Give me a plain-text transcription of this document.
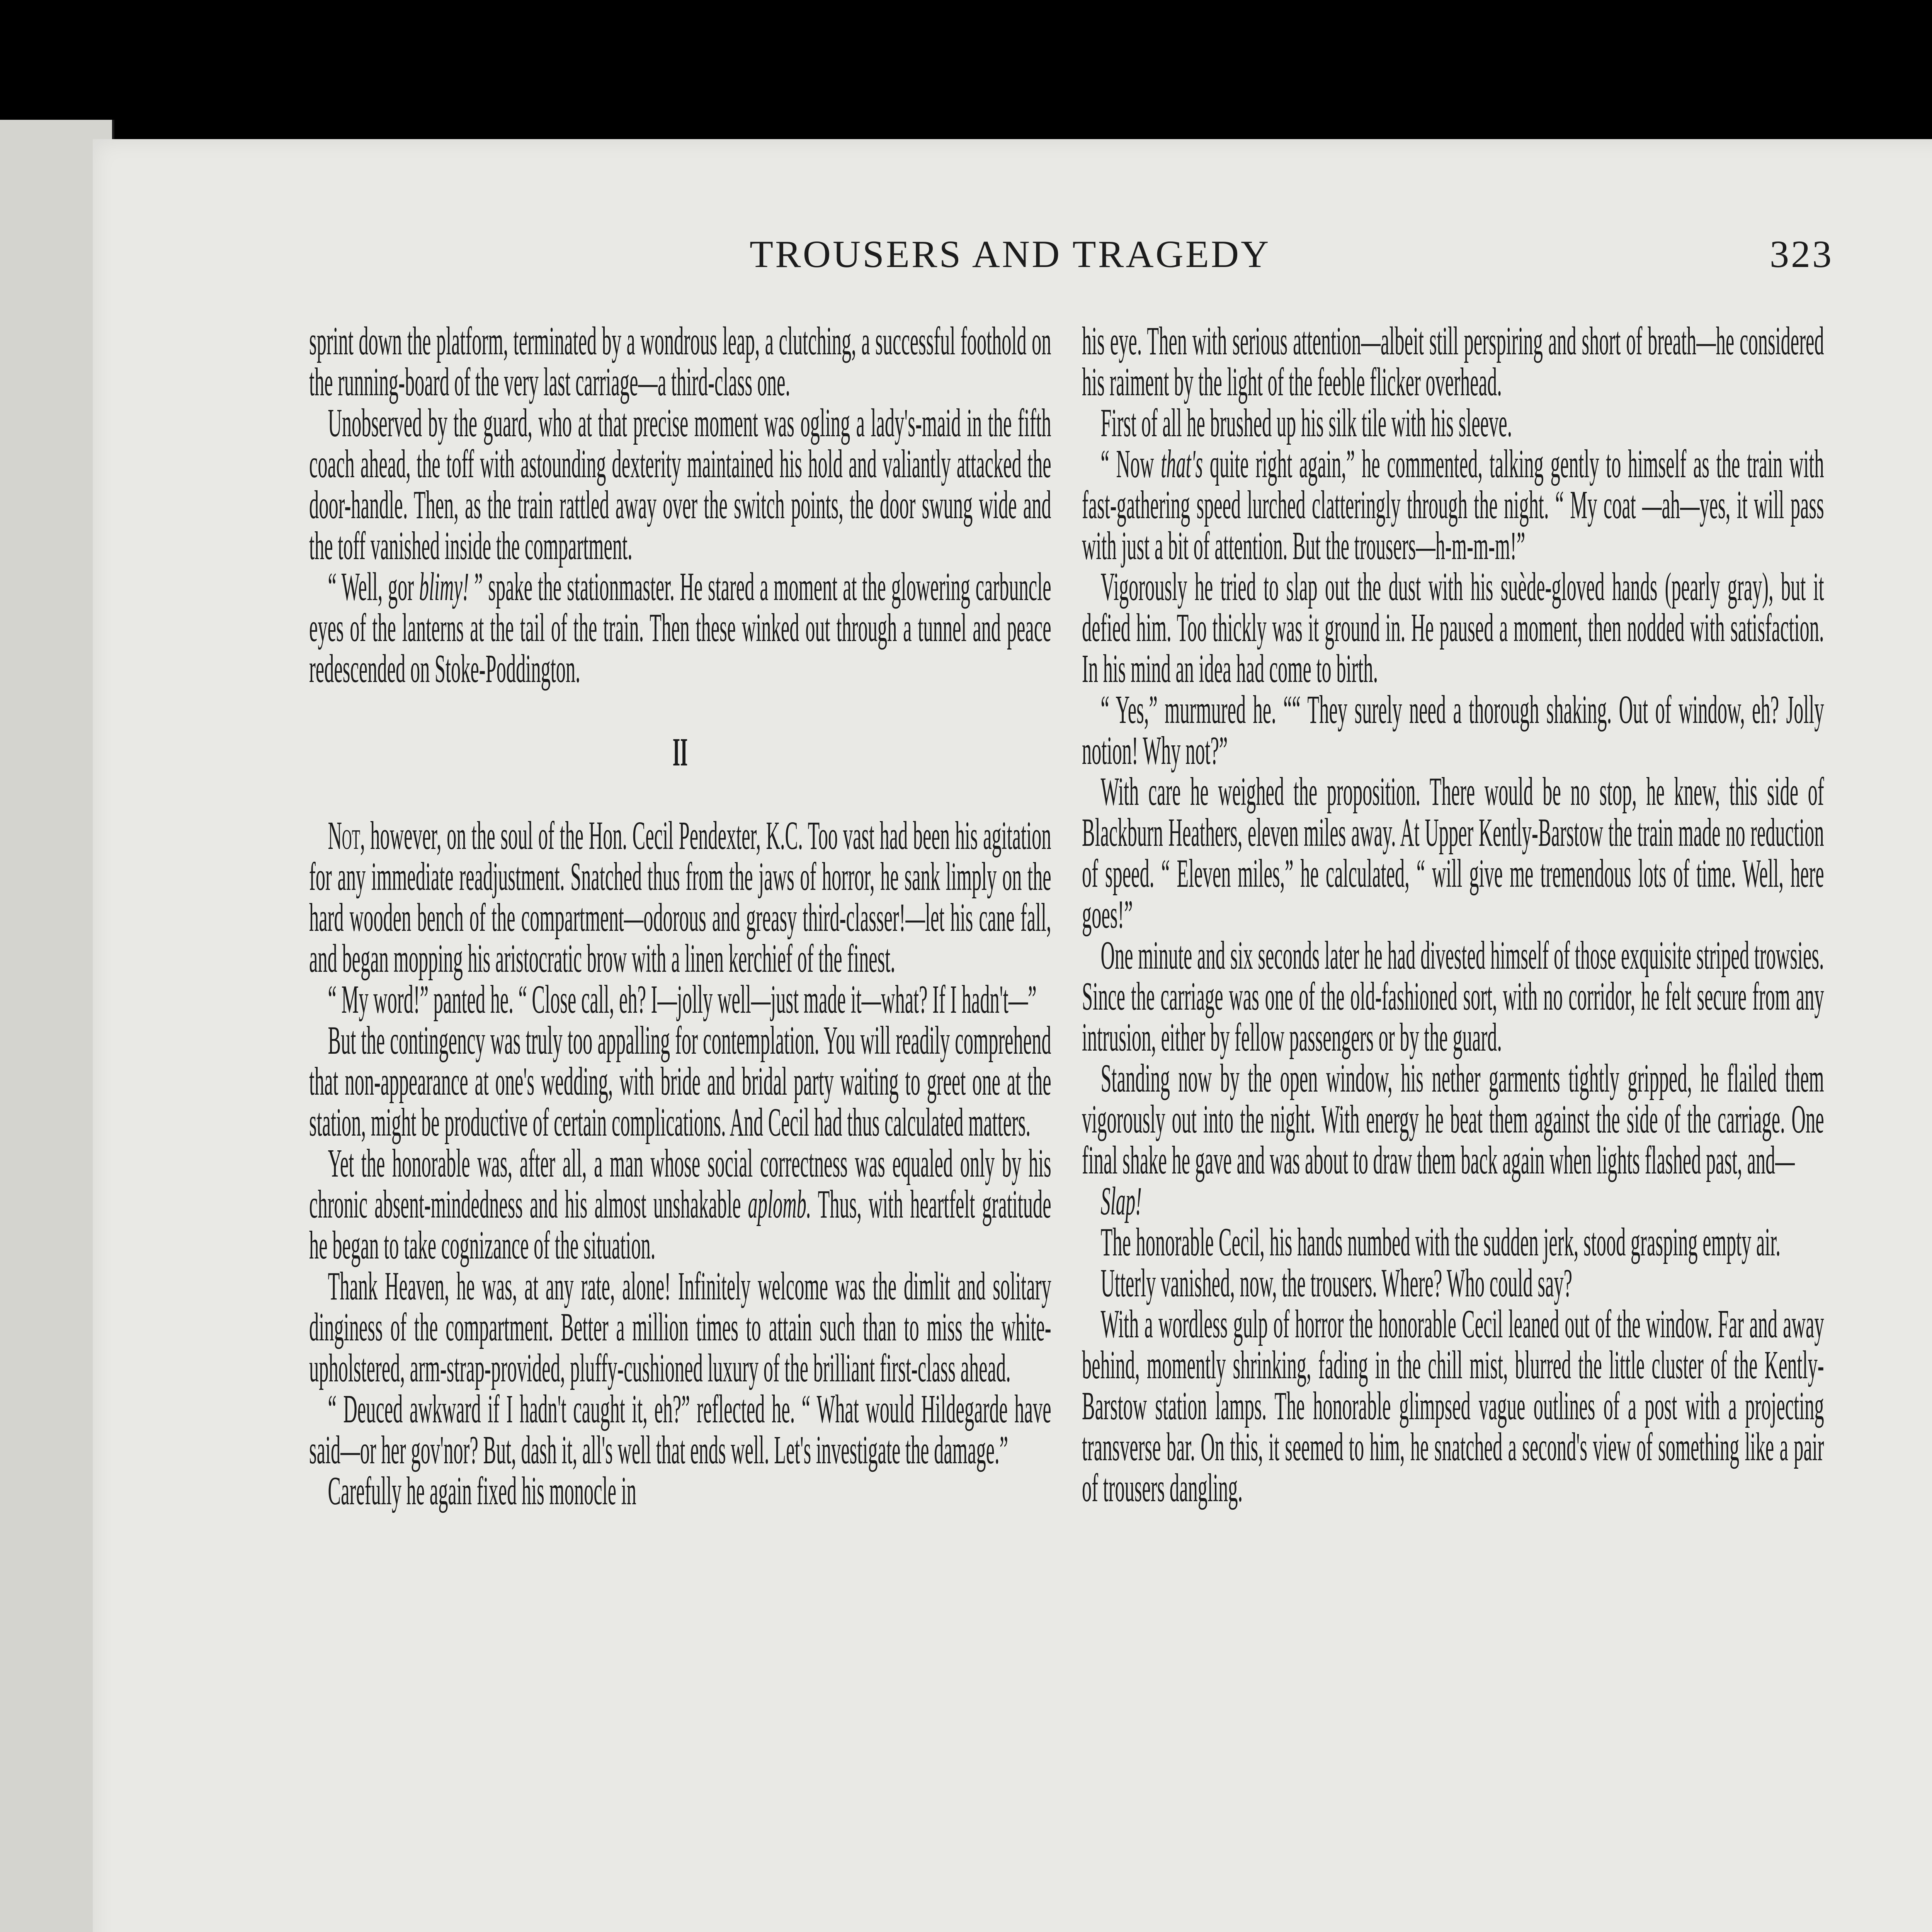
TROUSERS AND TRAGEDY	323

sprint down the platform, terminated by a wondrous leap, a clutching, a successful foothold on the running-board of the very last carriage—a third-class one.

Unobserved by the guard, who at that precise moment was ogling a lady's-maid in the fifth coach ahead, the toff with astounding dexterity maintained his hold and valiantly attacked the door-handle. Then, as the train rattled away over the switch points, the door swung wide and the toff vanished inside the compartment.

“ Well, gor blimy! ” spake the stationmaster. He stared a moment at the glowering carbuncle eyes of the lanterns at the tail of the train. Then these winked out through a tunnel and peace redescended on Stoke-Poddington.

II

Not, however, on the soul of the Hon. Cecil Pendexter, K.C. Too vast had been his agitation for any immediate readjustment. Snatched thus from the jaws of horror, he sank limply on the hard wooden bench of the compartment—odorous and greasy third-classer!—let his cane fall, and began mopping his aristocratic brow with a linen kerchief of the finest.

“ My word!” panted he. “ Close call, eh? I—jolly well—just made it—what? If I hadn't—”

But the contingency was truly too appalling for contemplation. You will readily comprehend that non-appearance at one's wedding, with bride and bridal party waiting to greet one at the station, might be productive of certain complications. And Cecil had thus calculated matters.

Yet the honorable was, after all, a man whose social correctness was equaled only by his chronic absent-mindedness and his almost unshakable aplomb. Thus, with heartfelt gratitude he began to take cognizance of the situation.

Thank Heaven, he was, at any rate, alone! Infinitely welcome was the dimlit and solitary dinginess of the compartment. Better a million times to attain such than to miss the white-upholstered, arm-strap-provided, pluffy-cushioned luxury of the brilliant first-class ahead.

“ Deuced awkward if I hadn't caught it, eh?” reflected he. “ What would Hildegarde have said—or her gov'nor? But, dash it, all's well that ends well. Let's investigate the damage.”

Carefully he again fixed his monocle in

his eye. Then with serious attention—albeit still perspiring and short of breath—he considered his raiment by the light of the feeble flicker overhead.

First of all he brushed up his silk tile with his sleeve.

“ Now that's quite right again,” he commented, talking gently to himself as the train with fast-gathering speed lurched clatteringly through the night. “ My coat —ah—yes, it will pass with just a bit of attention. But the trousers—h-m-m-m!”

Vigorously he tried to slap out the dust with his suède-gloved hands (pearly gray), but it defied him. Too thickly was it ground in. He paused a moment, then nodded with satisfaction. In his mind an idea had come to birth.

“ Yes,” murmured he. ““ They surely need a thorough shaking. Out of window, eh? Jolly notion! Why not?”

With care he weighed the proposition. There would be no stop, he knew, this side of Blackburn Heathers, eleven miles away. At Upper Kently-Barstow the train made no reduction of speed. “ Eleven miles,” he calculated, “ will give me tremendous lots of time. Well, here goes!”

One minute and six seconds later he had divested himself of those exquisite striped trowsies. Since the carriage was one of the old-fashioned sort, with no corridor, he felt secure from any intrusion, either by fellow passengers or by the guard.

Standing now by the open window, his nether garments tightly gripped, he flailed them vigorously out into the night. With energy he beat them against the side of the carriage. One final shake he gave and was about to draw them back again when lights flashed past, and—

Slap!

The honorable Cecil, his hands numbed with the sudden jerk, stood grasping empty air.

Utterly vanished, now, the trousers. Where? Who could say?

With a wordless gulp of horror the honorable Cecil leaned out of the window. Far and away behind, momently shrinking, fading in the chill mist, blurred the little cluster of the Kently-Barstow station lamps. The honorable glimpsed vague outlines of a post with a projecting transverse bar. On this, it seemed to him, he snatched a second's view of something like a pair of trousers dangling.
